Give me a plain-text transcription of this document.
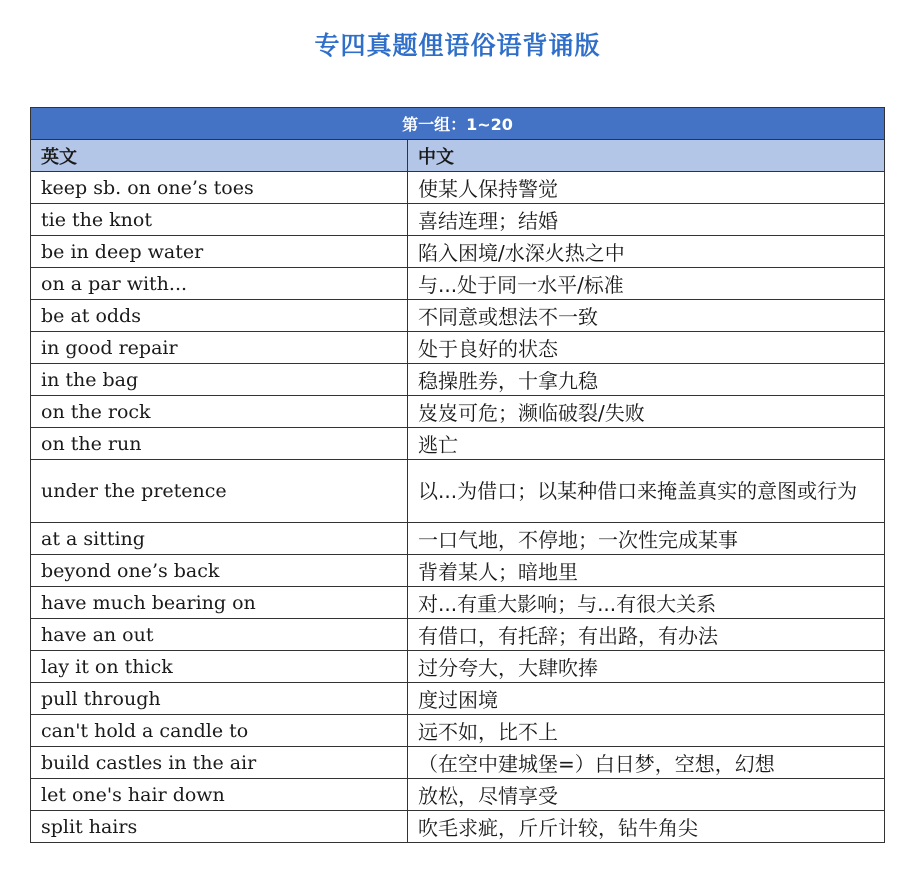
专四真题俚语俗语背诵版
第一组：1~20	
英文	中文
keep sb. on one’s toes	使某人保持警觉
tie the knot	喜结连理；结婚
be in deep water	陷入困境/水深火热之中
on a par with...	与...处于同一水平/标准
be at odds	不同意或想法不一致
in good repair	处于良好的状态
in the bag	稳操胜券，十拿九稳
on the rock	岌岌可危；濒临破裂/失败
on the run	逃亡
under the pretence	以...为借口；以某种借口来掩盖真实的意图或行为
at a sitting	一口气地，不停地；一次性完成某事
beyond one’s back	背着某人；暗地里
have much bearing on	对...有重大影响；与...有很大关系
have an out	有借口，有托辞；有出路，有办法
lay it on thick	过分夸大，大肆吹捧
pull through	度过困境
can't hold a candle to	远不如，比不上
build castles in the air	（在空中建城堡=）白日梦，空想，幻想
let one's hair down	放松，尽情享受
split hairs	吹毛求疵，斤斤计较，钻牛角尖
